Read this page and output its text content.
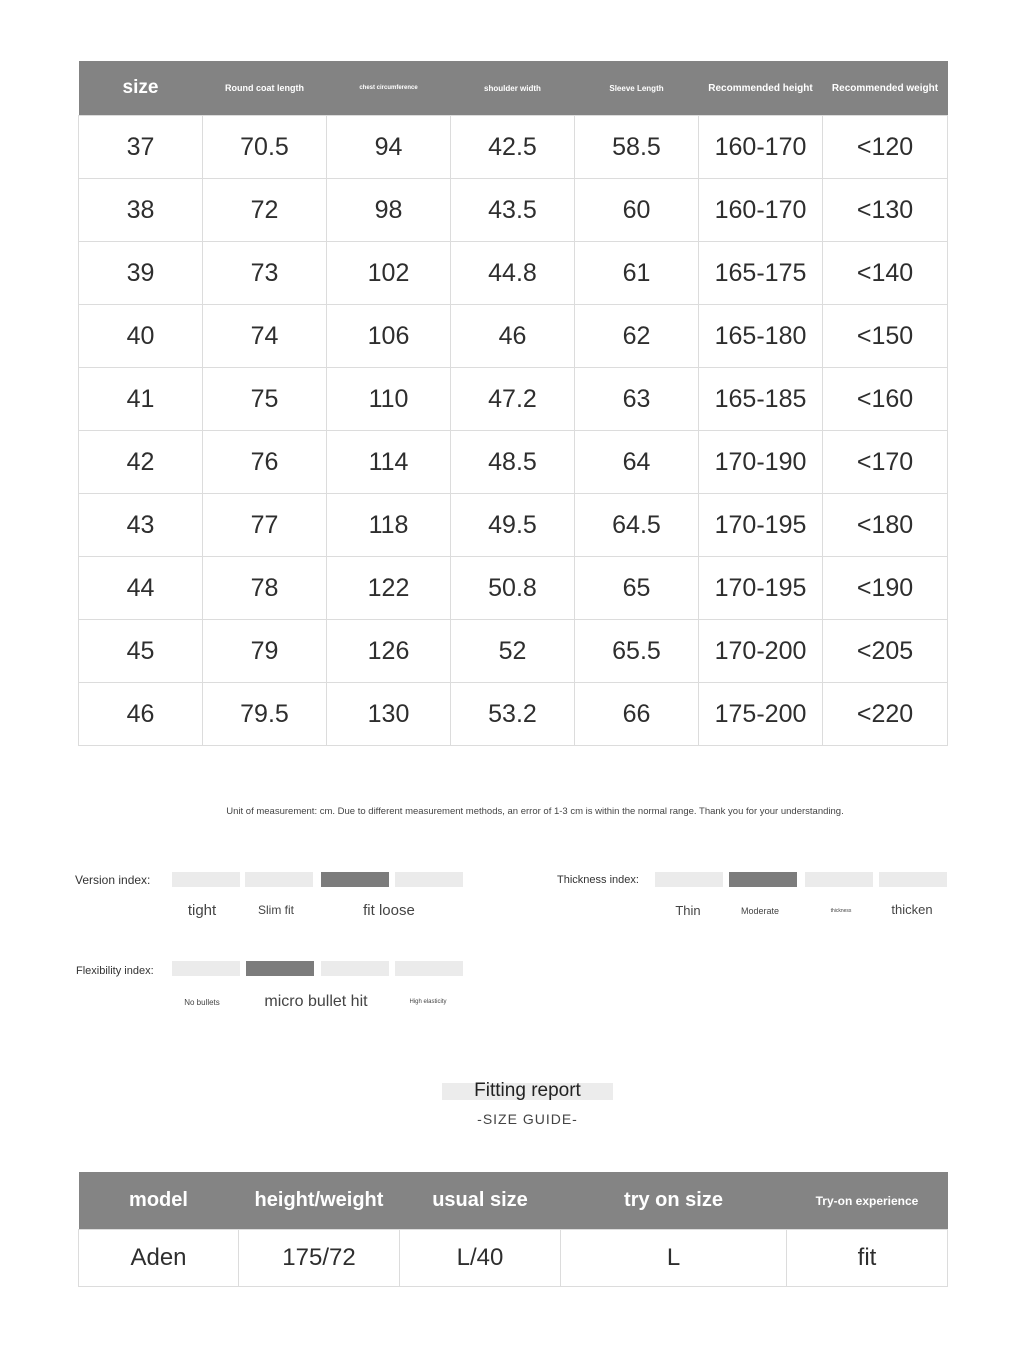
size	Round coat length	chest circumference	shoulder width	Sleeve Length	Recommended height	Recommended weight
37	70.5	94	42.5	58.5	160-170	<120
38	72	98	43.5	60	160-170	<130
39	73	102	44.8	61	165-175	<140
40	74	106	46	62	165-180	<150
41	75	110	47.2	63	165-185	<160
42	76	114	48.5	64	170-190	<170
43	77	118	49.5	64.5	170-195	<180
44	78	122	50.8	65	170-195	<190
45	79	126	52	65.5	170-200	<205
46	79.5	130	53.2	66	175-200	<220
Unit of measurement: cm. Due to different measurement methods, an error of 1-3 cm is within the normal range. Thank you for your understanding.
Version index:
tight	Slim fit	fit loose
Thickness index:
Thin	Moderate	thickness	thicken
Flexibility index:
No bullets	micro bullet hit	High elasticity
Fitting report
-SIZE GUIDE-
model	height/weight	usual size	try on size	Try-on experience
Aden	175/72	L/40	L	fit
